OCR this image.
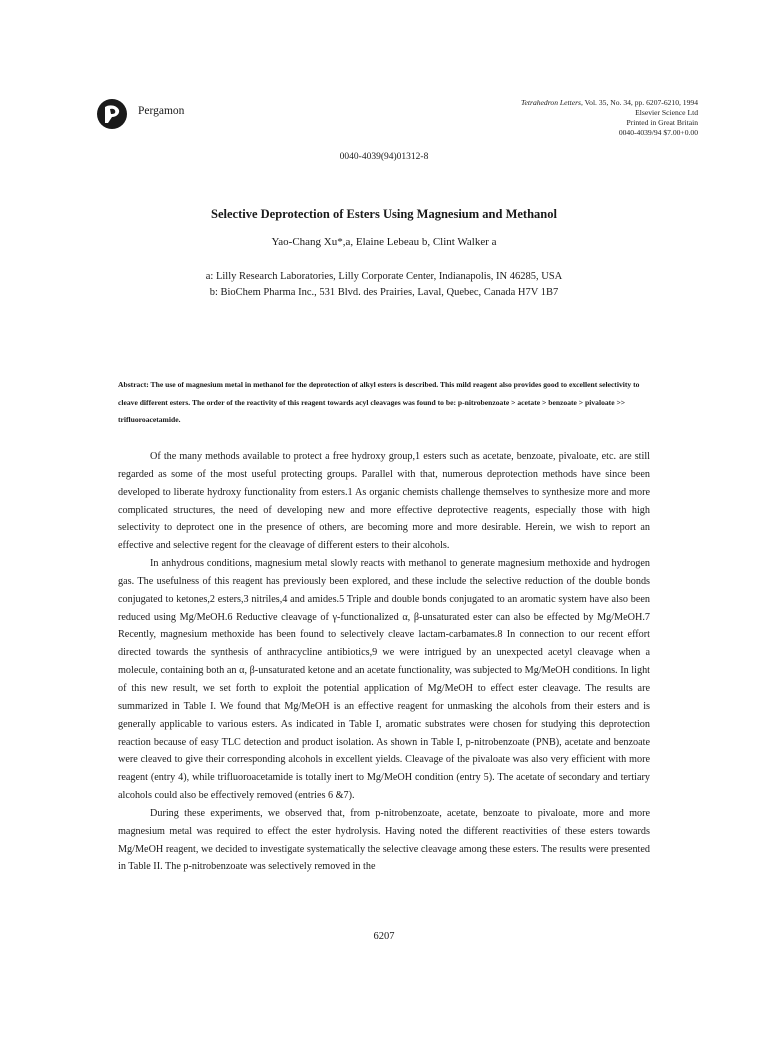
Pergamon
Tetrahedron Letters, Vol. 35, No. 34, pp. 6207-6210, 1994
Elsevier Science Ltd
Printed in Great Britain
0040-4039/94 $7.00+0.00
0040-4039(94)01312-8
Selective Deprotection of Esters Using Magnesium and Methanol
Yao-Chang Xu*,a, Elaine Lebeau b, Clint Walker a
a: Lilly Research Laboratories, Lilly Corporate Center, Indianapolis, IN 46285, USA
b: BioChem Pharma Inc., 531 Blvd. des Prairies, Laval, Quebec, Canada H7V 1B7
Abstract: The use of magnesium metal in methanol for the deprotection of alkyl esters is described. This mild reagent also provides good to excellent selectivity to cleave different esters. The order of the reactivity of this reagent towards acyl cleavages was found to be: p-nitrobenzoate > acetate > benzoate > pivaloate >> trifluoroacetamide.

Of the many methods available to protect a free hydroxy group,1 esters such as acetate, benzoate, pivaloate, etc. are still regarded as some of the most useful protecting groups. Parallel with that, numerous deprotection methods have since been developed to liberate hydroxy functionality from esters.1 As organic chemists challenge themselves to synthesize more and more complicated structures, the need of developing new and more effective deprotective reagents, especially those with high selectivity to deprotect one in the presence of others, are becoming more and more desirable. Herein, we wish to report an effective and selective regent for the cleavage of different esters to their alcohols.

In anhydrous conditions, magnesium metal slowly reacts with methanol to generate magnesium methoxide and hydrogen gas. The usefulness of this reagent has previously been explored, and these include the selective reduction of the double bonds conjugated to ketones,2 esters,3 nitriles,4 and amides.5 Triple and double bonds conjugated to an aromatic system have also been reduced using Mg/MeOH.6 Reductive cleavage of γ-functionalized α, β-unsaturated ester can also be effected by Mg/MeOH.7 Recently, magnesium methoxide has been found to selectively cleave lactam-carbamates.8 In connection to our recent effort directed towards the synthesis of anthracycline antibiotics,9 we were intrigued by an unexpected acetyl cleavage when a molecule, containing both an α, β-unsaturated ketone and an acetate functionality, was subjected to Mg/MeOH conditions. In light of this new result, we set forth to exploit the potential application of Mg/MeOH to effect ester cleavage. The results are summarized in Table I. We found that Mg/MeOH is an effective reagent for unmasking the alcohols from their esters and is generally applicable to various esters. As indicated in Table I, aromatic substrates were chosen for studying this deprotection reaction because of easy TLC detection and product isolation. As shown in Table I, p-nitrobenzoate (PNB), acetate and benzoate were cleaved to give their corresponding alcohols in excellent yields. Cleavage of the pivaloate was also very efficient with more reagent (entry 4), while trifluoroacetamide is totally inert to Mg/MeOH condition (entry 5). The acetate of secondary and tertiary alcohols could also be effectively removed (entries 6 &7).

During these experiments, we observed that, from p-nitrobenzoate, acetate, benzoate to pivaloate, more and more magnesium metal was required to effect the ester hydrolysis. Having noted the different reactivities of these esters towards Mg/MeOH reagent, we decided to investigate systematically the selective cleavage among these esters. The results were presented in Table II. The p-nitrobenzoate was selectively removed in the

6207
